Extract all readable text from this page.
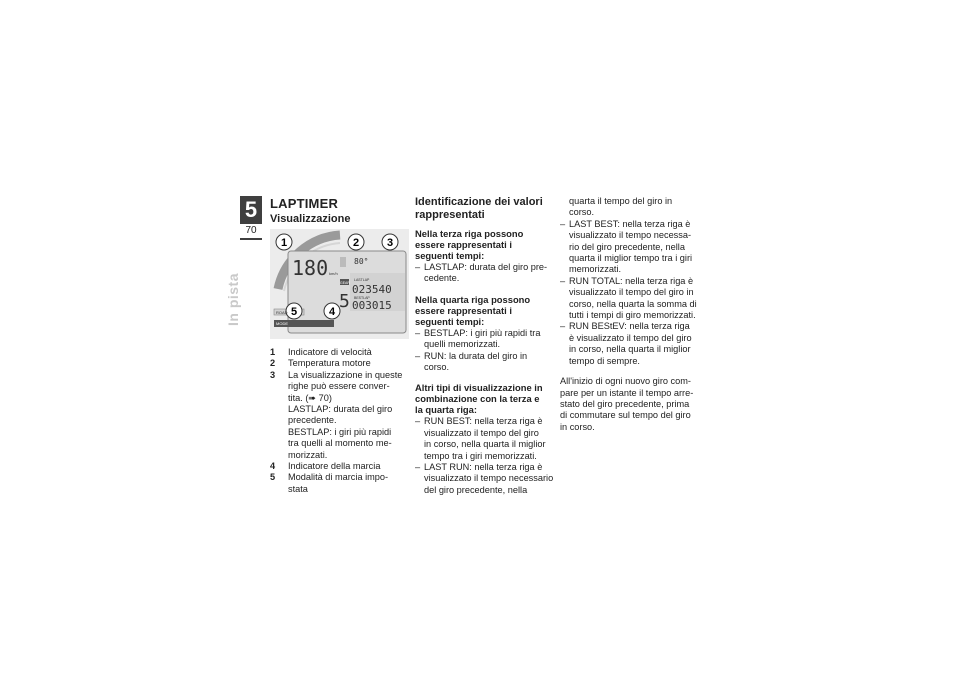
5
70
In pista
LAPTIMER
Visualizzazione
1	2	3
5	4
180 km/h
80°
GEAR
5
LASTLAP
023540
BESTLAP
003015
ROAD
MODE
1	Indicatore di velocità
2	Temperatura motore
3	La visualizzazione in queste
righe può essere conver-
tita. (➠ 70)
LASTLAP: durata del giro
precedente.
BESTLAP: i giri più rapidi
tra quelli al momento me-
morizzati.
4	Indicatore della marcia
5	Modalità di marcia impo-
stata
Identificazione dei valori
rappresentati
Nella terza riga possono
essere rappresentati i
seguenti tempi:
– LASTLAP: durata del giro pre-
cedente.
Nella quarta riga possono
essere rappresentati i
seguenti tempi:
– BESTLAP: i giri più rapidi tra
quelli memorizzati.
– RUN: la durata del giro in
corso.
Altri tipi di visualizzazione in
combinazione con la terza e
la quarta riga:
– RUN BEST: nella terza riga è
visualizzato il tempo del giro
in corso, nella quarta il miglior
tempo tra i giri memorizzati.
– LAST RUN: nella terza riga è
visualizzato il tempo necessario
del giro precedente, nella
quarta il tempo del giro in
corso.
– LAST BEST: nella terza riga è
visualizzato il tempo necessa-
rio del giro precedente, nella
quarta il miglior tempo tra i giri
memorizzati.
– RUN TOTAL: nella terza riga è
visualizzato il tempo del giro in
corso, nella quarta la somma di
tutti i tempi di giro memorizzati.
– RUN BEStEV: nella terza riga
è visualizzato il tempo del giro
in corso, nella quarta il miglior
tempo di sempre.

All'inizio di ogni nuovo giro com-
pare per un istante il tempo arre-
stato del giro precedente, prima
di commutare sul tempo del giro
in corso.
